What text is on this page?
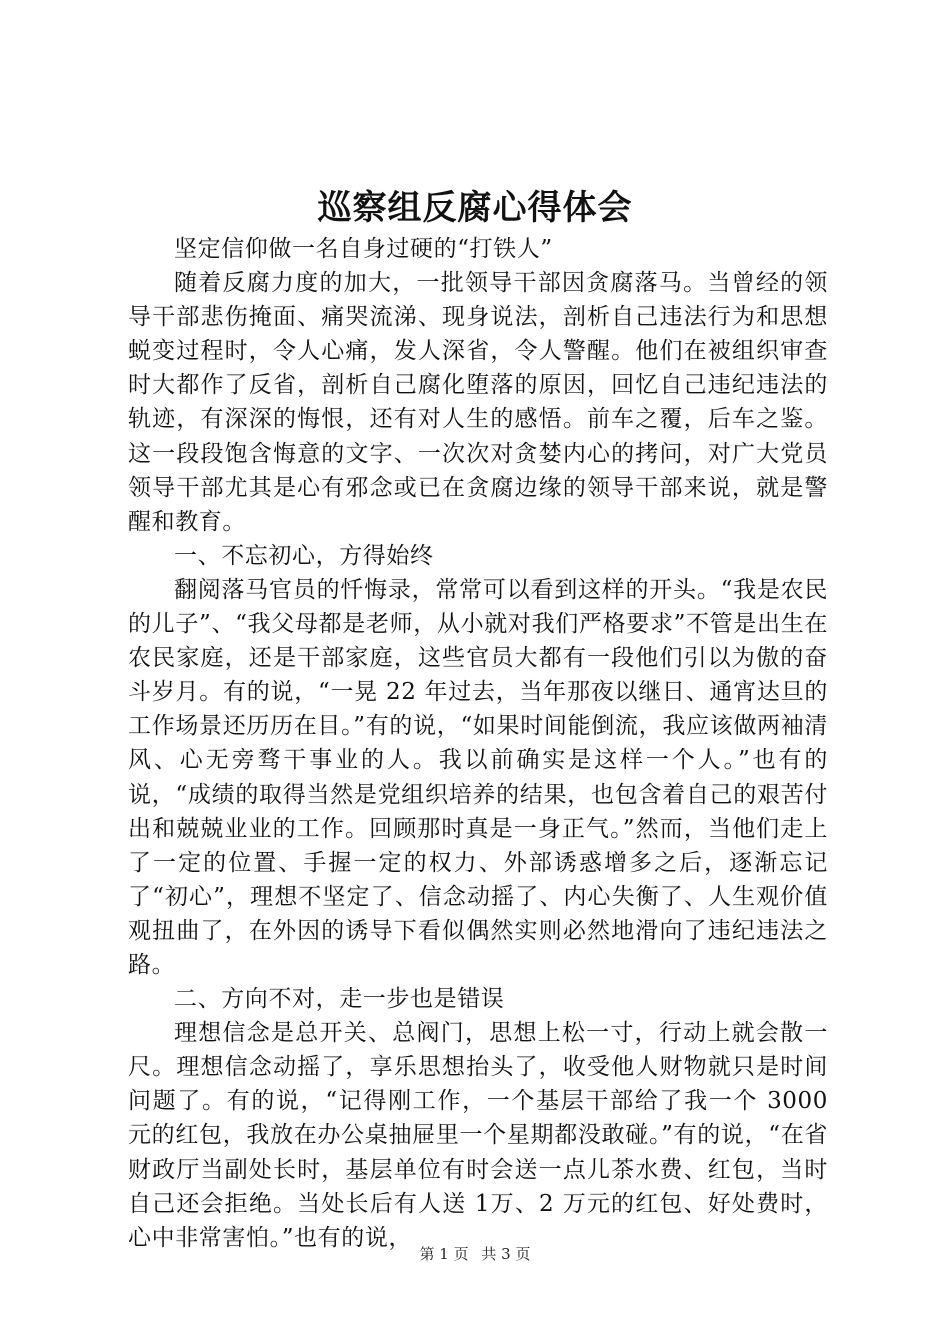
巡察组反腐心得体会

坚定信仰做一名自身过硬的“打铁人”

随着反腐力度的加大，一批领导干部因贪腐落马。当曾经的领导干部悲伤掩面、痛哭流涕、现身说法，剖析自己违法行为和思想蜕变过程时，令人心痛，发人深省，令人警醒。他们在被组织审查时大都作了反省，剖析自己腐化堕落的原因，回忆自己违纪违法的轨迹，有深深的悔恨，还有对人生的感悟。前车之覆，后车之鉴。这一段段饱含悔意的文字、一次次对贪婪内心的拷问，对广大党员领导干部尤其是心有邪念或已在贪腐边缘的领导干部来说，就是警醒和教育。

一、不忘初心，方得始终

翻阅落马官员的忏悔录，常常可以看到这样的开头。“我是农民的儿子”、“我父母都是老师，从小就对我们严格要求”不管是出生在农民家庭，还是干部家庭，这些官员大都有一段他们引以为傲的奋斗岁月。有的说，“一晃 22 年过去，当年那夜以继日、通宵达旦的工作场景还历历在目。”有的说，“如果时间能倒流，我应该做两袖清风、心无旁骛干事业的人。我以前确实是这样一个人。”也有的说，“成绩的取得当然是党组织培养的结果，也包含着自己的艰苦付出和兢兢业业的工作。回顾那时真是一身正气。”然而，当他们走上了一定的位置、手握一定的权力、外部诱惑增多之后，逐渐忘记了“初心”，理想不坚定了、信念动摇了、内心失衡了、人生观价值观扭曲了，在外因的诱导下看似偶然实则必然地滑向了违纪违法之路。

二、方向不对，走一步也是错误

理想信念是总开关、总阀门，思想上松一寸，行动上就会散一尺。理想信念动摇了，享乐思想抬头了，收受他人财物就只是时间问题了。有的说，“记得刚工作，一个基层干部给了我一个 3000 元的红包，我放在办公桌抽屉里一个星期都没敢碰。”有的说，“在省财政厅当副处长时，基层单位有时会送一点儿茶水费、红包，当时自己还会拒绝。当处长后有人送 1万、2 万元的红包、好处费时，心中非常害怕。”也有的说，

第 1 页 共 3 页
